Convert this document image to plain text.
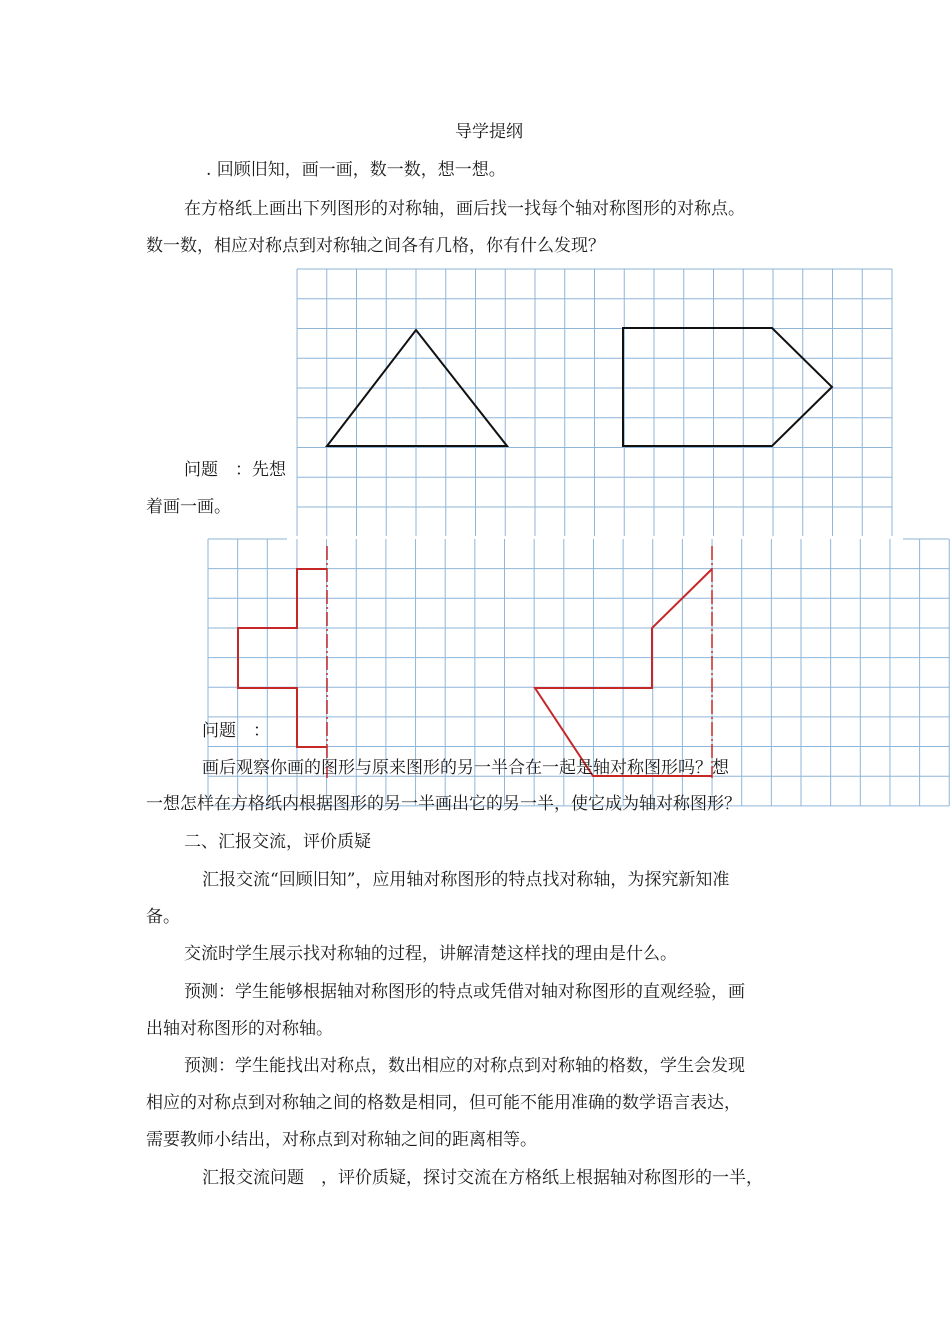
导学提纲
. 回顾旧知，画一画，数一数，想一想。
在方格纸上画出下列图形的对称轴，画后找一找每个轴对称图形的对称点。
数一数，相应对称点到对称轴之间各有几格，你有什么发现？
问题　：先想
着画一画。
问题　：
画后观察你画的图形与原来图形的另一半合在一起是轴对称图形吗？想
一想怎样在方格纸内根据图形的另一半画出它的另一半，使它成为轴对称图形？
二、汇报交流，评价质疑
汇报交流“回顾旧知”，应用轴对称图形的特点找对称轴，为探究新知准
备。
交流时学生展示找对称轴的过程，讲解清楚这样找的理由是什么。
预测：学生能够根据轴对称图形的特点或凭借对轴对称图形的直观经验，画
出轴对称图形的对称轴。
预测：学生能找出对称点，数出相应的对称点到对称轴的格数，学生会发现
相应的对称点到对称轴之间的格数是相同，但可能不能用准确的数学语言表达，
需要教师小结出，对称点到对称轴之间的距离相等。
汇报交流问题　，评价质疑，探讨交流在方格纸上根据轴对称图形的一半，
